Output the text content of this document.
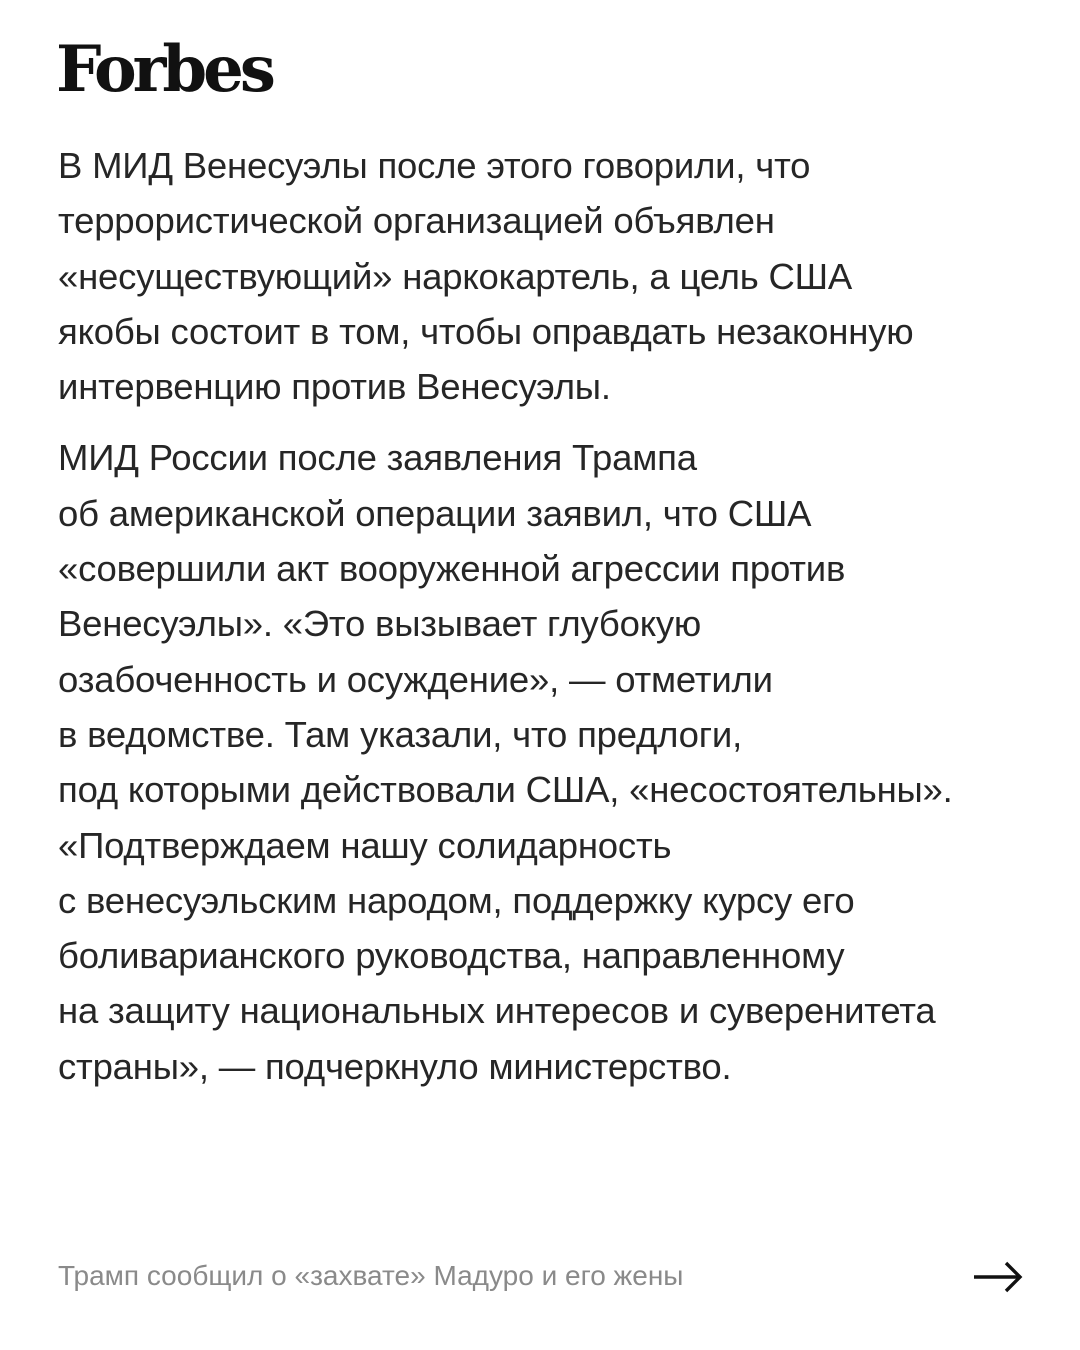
Forbes

В МИД Венесуэлы после этого говорили, что
террористической организацией объявлен
«несуществующий» наркокартель, а цель США
якобы состоит в том, чтобы оправдать незаконную
интервенцию против Венесуэлы.

МИД России после заявления Трампа
об американской операции заявил, что США
«совершили акт вооруженной агрессии против
Венесуэлы». «Это вызывает глубокую
озабоченность и осуждение», — отметили
в ведомстве. Там указали, что предлоги,
под которыми действовали США, «несостоятельны».
«Подтверждаем нашу солидарность
с венесуэльским народом, поддержку курсу его
боливарианского руководства, направленному
на защиту национальных интересов и суверенитета
страны», — подчеркнуло министерство.

Трамп сообщил о «захвате» Мадуро и его жены
